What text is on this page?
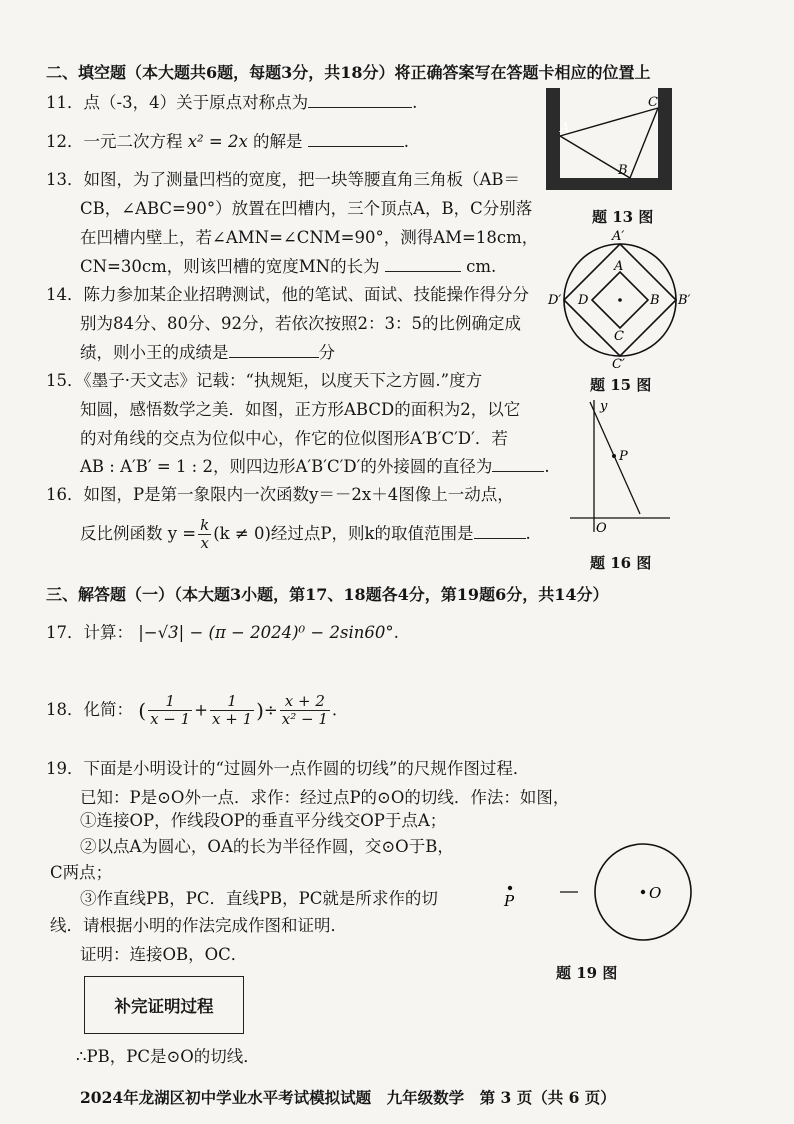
二、填空题（本大题共6题，每题3分，共18分）将正确答案写在答题卡相应的位置上
11．点（-3，4）关于原点对称点为	.
12．一元二次方程 x² = 2x 的解是	.
13．如图，为了测量凹档的宽度，把一块等腰直角三角板（AB＝
CB，∠ABC=90°）放置在凹槽内，三个顶点A，B，C分别落
在凹槽内壁上，若∠AMN=∠CNM=90°，测得AM=18cm，
CN=30cm，则该凹槽的宽度MN的长为	cm.
14．陈力参加某企业招聘测试，他的笔试、面试、技能操作得分分
别为84分、80分、92分，若依次按照2：3：5的比例确定成
绩，则小王的成绩是	分
15．《墨子·天文志》记载：“执规矩，以度天下之方圆.”度方
知圆，感悟数学之美．如图，正方形ABCD的面积为2，以它
的对角线的交点为位似中心，作它的位似图形A′B′C′D′．若
AB : A′B′ = 1 : 2，则四边形A′B′C′D′的外接圆的直径为	.
16．如图，P是第一象限内一次函数y＝－2x＋4图像上一动点，
反比例函数 $y = \frac{k}{x} (k \ne 0)$经过点P，则k的取值范围是	.
三、解答题（一）（本大题3小题，第17、18题各4分，第19题6分，共14分）
17．计算： |−√3| − (π − 2024)⁰ − 2sin60°.
18．化简： ( $\frac{1}{x - 1} + \frac{1}{x + 1}$ )÷ $\frac{x + 2}{\text{x² − 1}}$ .
19．下面是小明设计的“过圆外一点作圆的切线”的尺规作图过程．
已知：P是⊙O外一点．求作：经过点P的⊙O的切线．作法：如图，
①连接OP，作线段OP的垂直平分线交OP于点A；
②以点A为圆心，OA的长为半径作圆，交⊙O于B，
C两点；
③作直线PB，PC．直线PB，PC就是所求作的切
线．请根据小明的作法完成作图和证明．
证明：连接OB，OC．
补完证明过程
∴PB，PC是⊙O的切线．
A
B
C
题 13 图
A
B
C
D
A′
B′
C′
D′
题 15 图
y
P
O
题 16 图
O
P
题 19 图
2024年龙湖区初中学业水平考试模拟试题　九年级数学　第 3 页（共 6 页）
